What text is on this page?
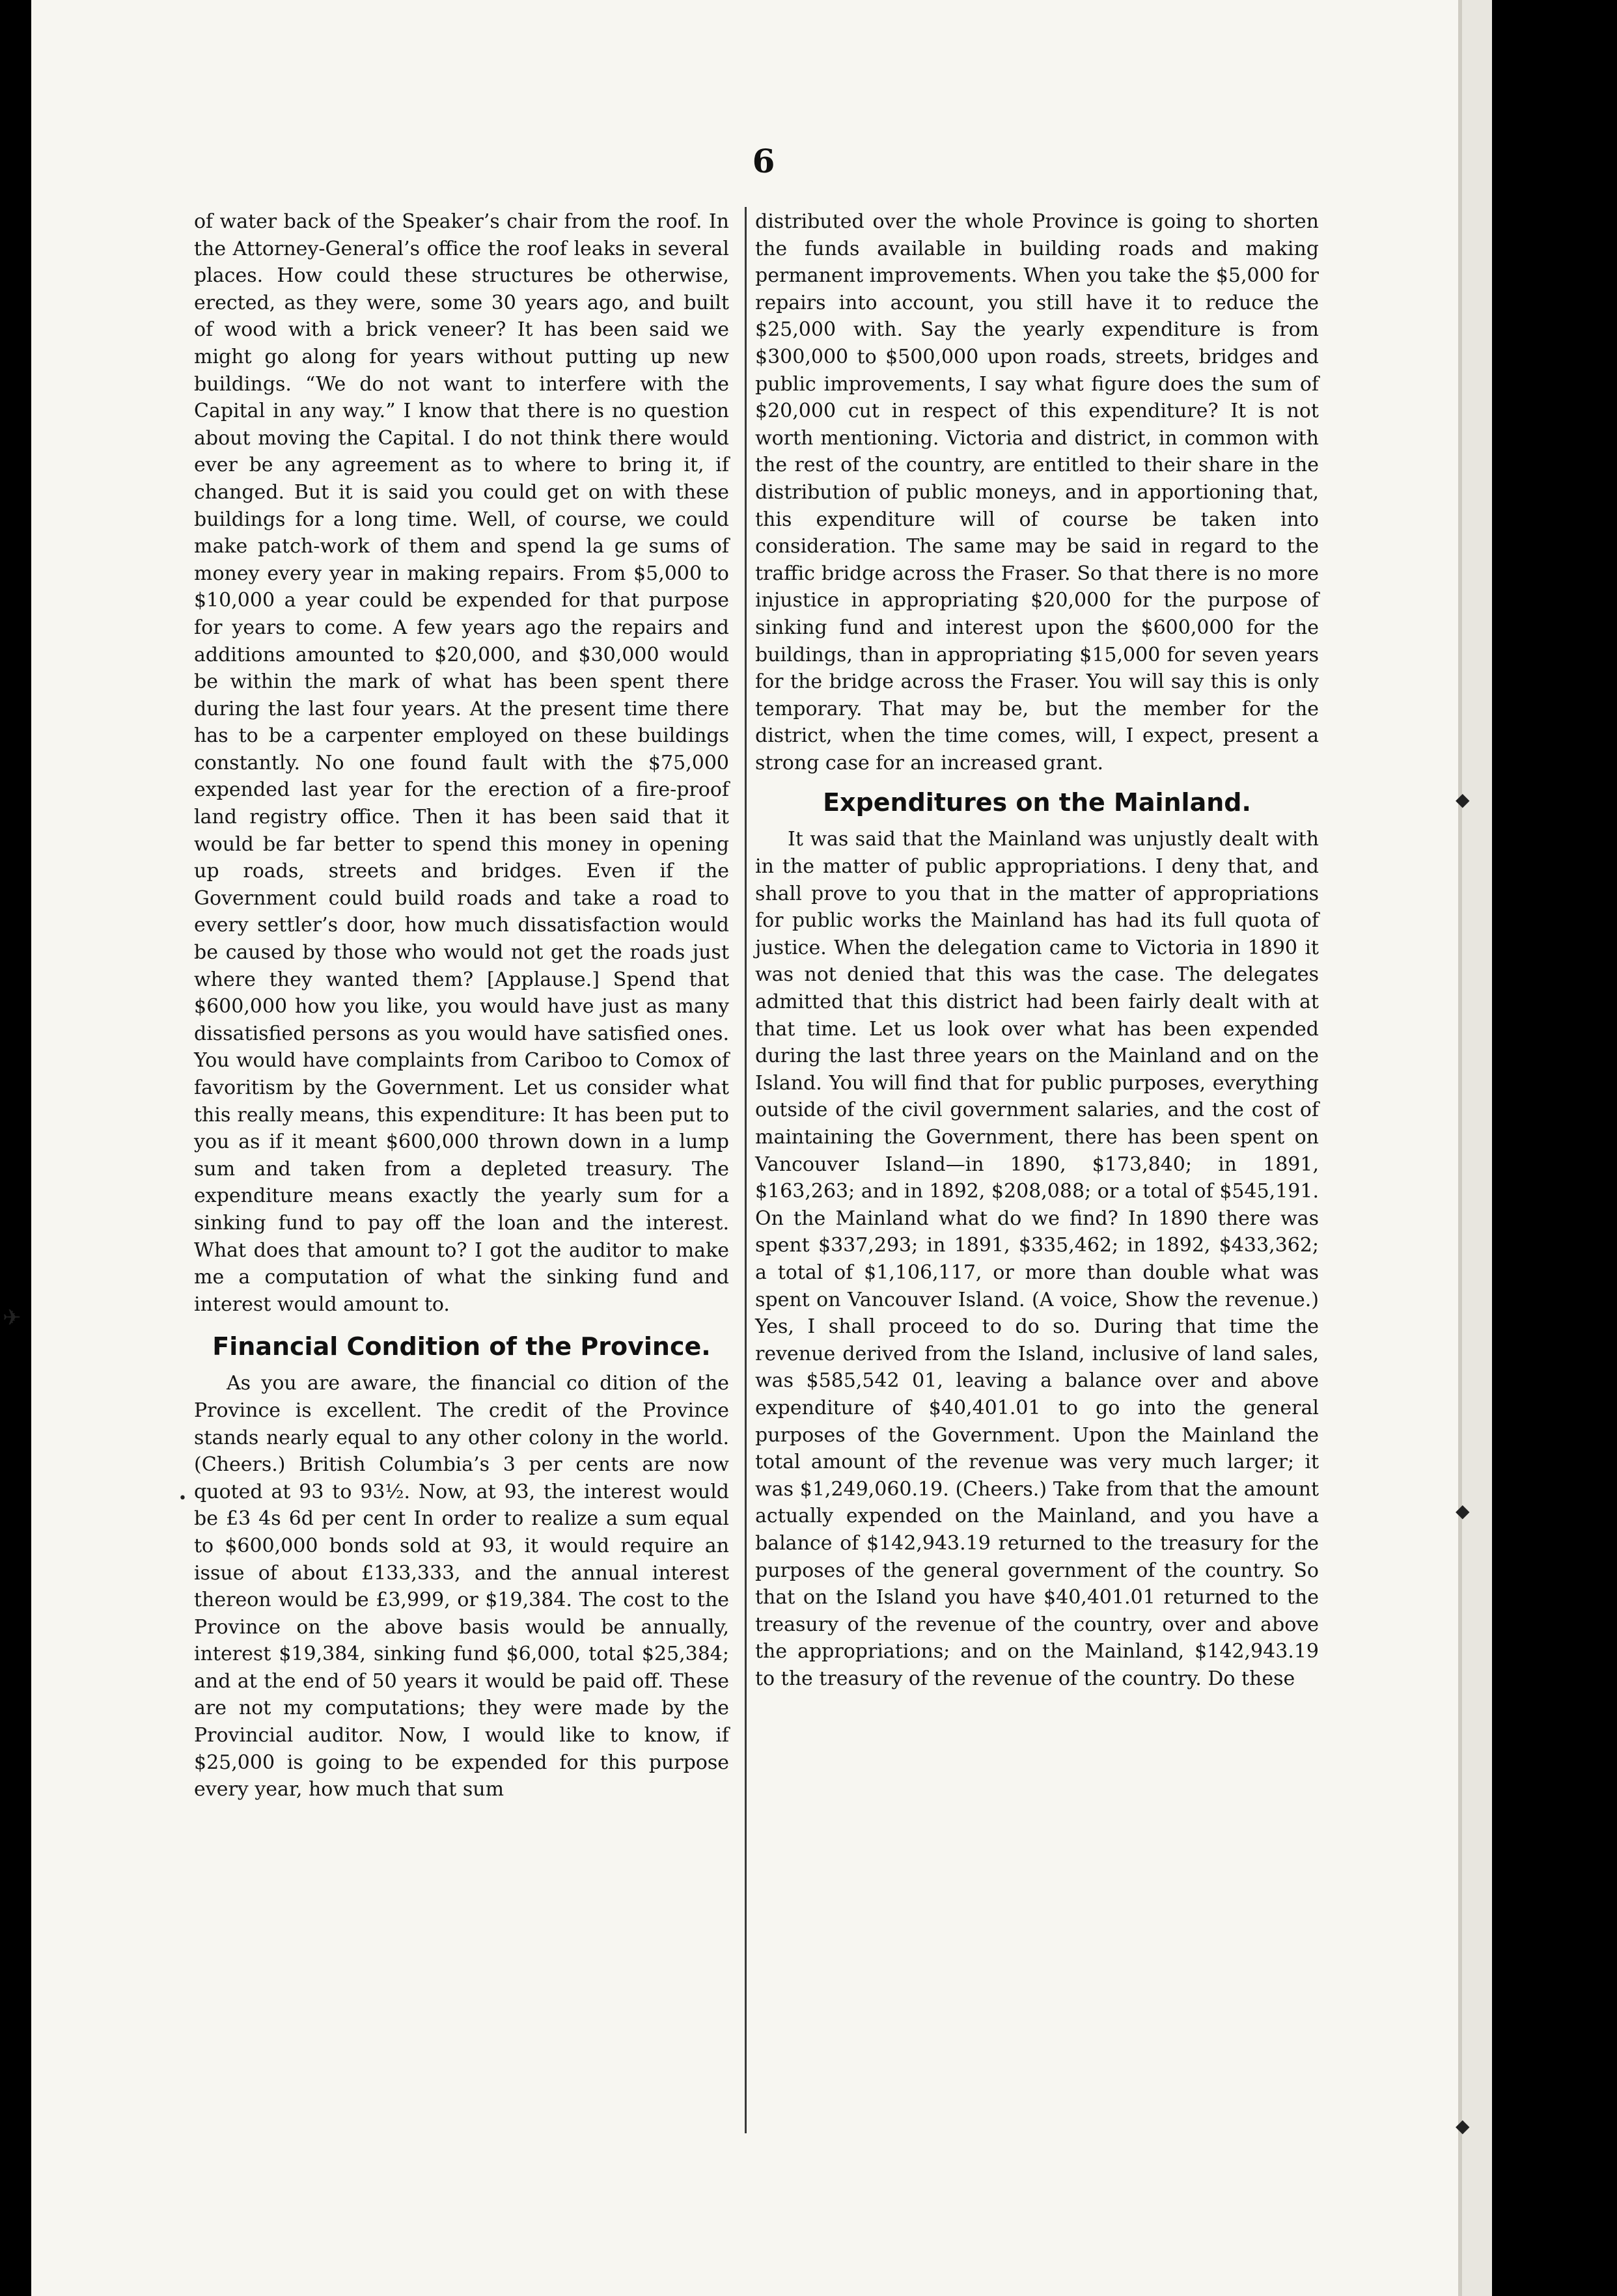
6

of water back of the Speaker’s chair from the roof. In the Attorney-General’s office the roof leaks in several places. How could these structures be otherwise, erected, as they were, some 30 years ago, and built of wood with a brick veneer? It has been said we might go along for years without putting up new buildings. “We do not want to interfere with the Capital in any way.” I know that there is no question about moving the Capital. I do not think there would ever be any agreement as to where to bring it, if changed. But it is said you could get on with these buildings for a long time. Well, of course, we could make patch-work of them and spend la ge sums of money every year in making repairs. From $5,000 to $10,000 a year could be expended for that purpose for years to come. A few years ago the repairs and additions amounted to $20,000, and $30,000 would be within the mark of what has been spent there during the last four years. At the present time there has to be a carpenter employed on these buildings constantly. No one found fault with the $75,000 expended last year for the erection of a fire-proof land registry office. Then it has been said that it would be far better to spend this money in opening up roads, streets and bridges. Even if the Government could build roads and take a road to every settler’s door, how much dissatisfaction would be caused by those who would not get the roads just where they wanted them? [Applause.] Spend that $600,000 how you like, you would have just as many dissatisfied persons as you would have satisfied ones. You would have complaints from Cariboo to Comox of favoritism by the Government. Let us consider what this really means, this expenditure: It has been put to you as if it meant $600,000 thrown down in a lump sum and taken from a depleted treasury. The expenditure means exactly the yearly sum for a sinking fund to pay off the loan and the interest. What does that amount to? I got the auditor to make me a computation of what the sinking fund and interest would amount to.

Financial Condition of the Province.

As you are aware, the financial co dition of the Province is excellent. The credit of the Province stands nearly equal to any other colony in the world. (Cheers.) British Columbia’s 3 per cents are now quoted at 93 to 93½. Now, at 93, the interest would be £3 4s 6d per cent In order to realize a sum equal to $600,000 bonds sold at 93, it would require an issue of about £133,333, and the annual interest thereon would be £3,999, or $19,384. The cost to the Province on the above basis would be annually, interest $19,384, sinking fund $6,000, total $25,384; and at the end of 50 years it would be paid off. These are not my computations; they were made by the Provincial auditor. Now, I would like to know, if $25,000 is going to be expended for this purpose every year, how much that sum

distributed over the whole Province is going to shorten the funds available in building roads and making permanent improvements. When you take the $5,000 for repairs into account, you still have it to reduce the $25,000 with. Say the yearly expenditure is from $300,000 to $500,000 upon roads, streets, bridges and public improvements, I say what figure does the sum of $20,000 cut in respect of this expenditure? It is not worth mentioning. Victoria and district, in common with the rest of the country, are entitled to their share in the distribution of public moneys, and in apportioning that, this expenditure will of course be taken into consideration. The same may be said in regard to the traffic bridge across the Fraser. So that there is no more injustice in appropriating $20,000 for the purpose of sinking fund and interest upon the $600,000 for the buildings, than in appropriating $15,000 for seven years for the bridge across the Fraser. You will say this is only temporary. That may be, but the member for the district, when the time comes, will, I expect, present a strong case for an increased grant.

Expenditures on the Mainland.

It was said that the Mainland was unjustly dealt with in the matter of public appropriations. I deny that, and shall prove to you that in the matter of appropriations for public works the Mainland has had its full quota of justice. When the delegation came to Victoria in 1890 it was not denied that this was the case. The delegates admitted that this district had been fairly dealt with at that time. Let us look over what has been expended during the last three years on the Mainland and on the Island. You will find that for public purposes, everything outside of the civil government salaries, and the cost of maintaining the Government, there has been spent on Vancouver Island—in 1890, $173,840; in 1891, $163,263; and in 1892, $208,088; or a total of $545,191. On the Mainland what do we find? In 1890 there was spent $337,293; in 1891, $335,462; in 1892, $433,362; a total of $1,106,117, or more than double what was spent on Vancouver Island. (A voice, Show the revenue.) Yes, I shall proceed to do so. During that time the revenue derived from the Island, inclusive of land sales, was $585,542 01, leaving a balance over and above expenditure of $40,401.01 to go into the general purposes of the Government. Upon the Mainland the total amount of the revenue was very much larger; it was $1,249,060.19. (Cheers.) Take from that the amount actually expended on the Mainland, and you have a balance of $142,943.19 returned to the treasury for the purposes of the general government of the country. So that on the Island you have $40,401.01 returned to the treasury of the revenue of the country, over and above the appropriations; and on the Mainland, $142,943.19 to the treasury of the revenue of the country. Do these

•
✈
◆
◆
◆
